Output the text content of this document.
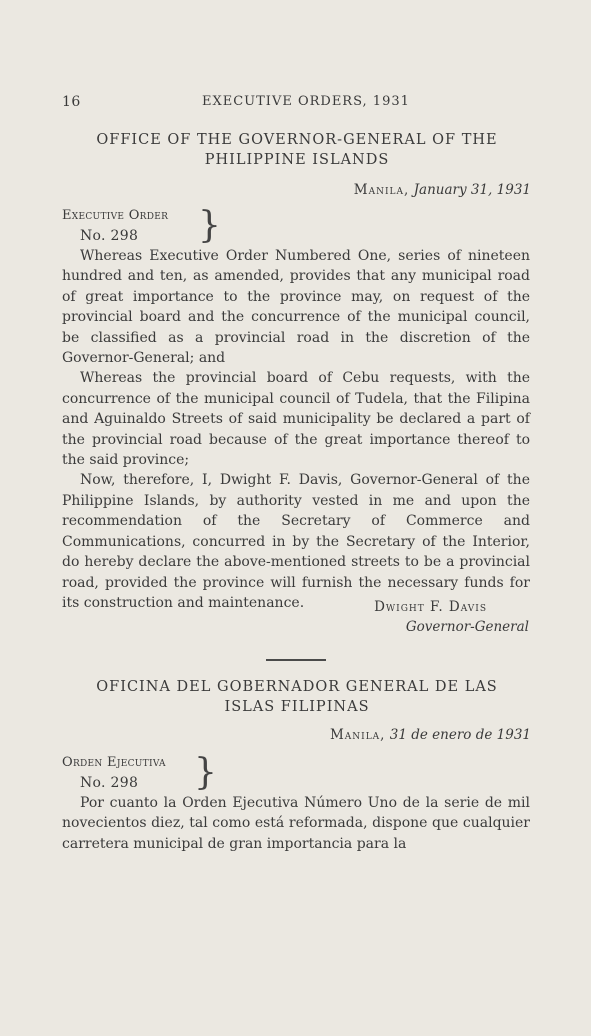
16	EXECUTIVE ORDERS, 1931
OFFICE OF THE GOVERNOR-GENERAL OF THE
PHILIPPINE ISLANDS
Manila, January 31, 1931
Executive Order
No. 298	}

Whereas Executive Order Numbered One, series of nineteen hundred and ten, as amended, provides that any municipal road of great importance to the province may, on request of the provincial board and the concurrence of the municipal council, be classified as a provincial road in the discretion of the Governor-General; and

Whereas the provincial board of Cebu requests, with the concurrence of the municipal council of Tudela, that the Filipina and Aguinaldo Streets of said municipality be declared a part of the provincial road because of the great importance thereof to the said province;

Now, therefore, I, Dwight F. Davis, Governor-General of the Philippine Islands, by authority vested in me and upon the recommendation of the Secretary of Commerce and Communications, concurred in by the Secretary of the Interior, do hereby declare the above-mentioned streets to be a provincial road, provided the province will furnish the necessary funds for its construction and maintenance.	Dwight F. Davis
Governor-General
OFICINA DEL GOBERNADOR GENERAL DE LAS
ISLAS FILIPINAS
Manila, 31 de enero de 1931
Orden Ejecutiva
No. 298	}

Por cuanto la Orden Ejecutiva Número Uno de la serie de mil novecientos diez, tal como está reformada, dispone que cualquier carretera municipal de gran importancia para la
